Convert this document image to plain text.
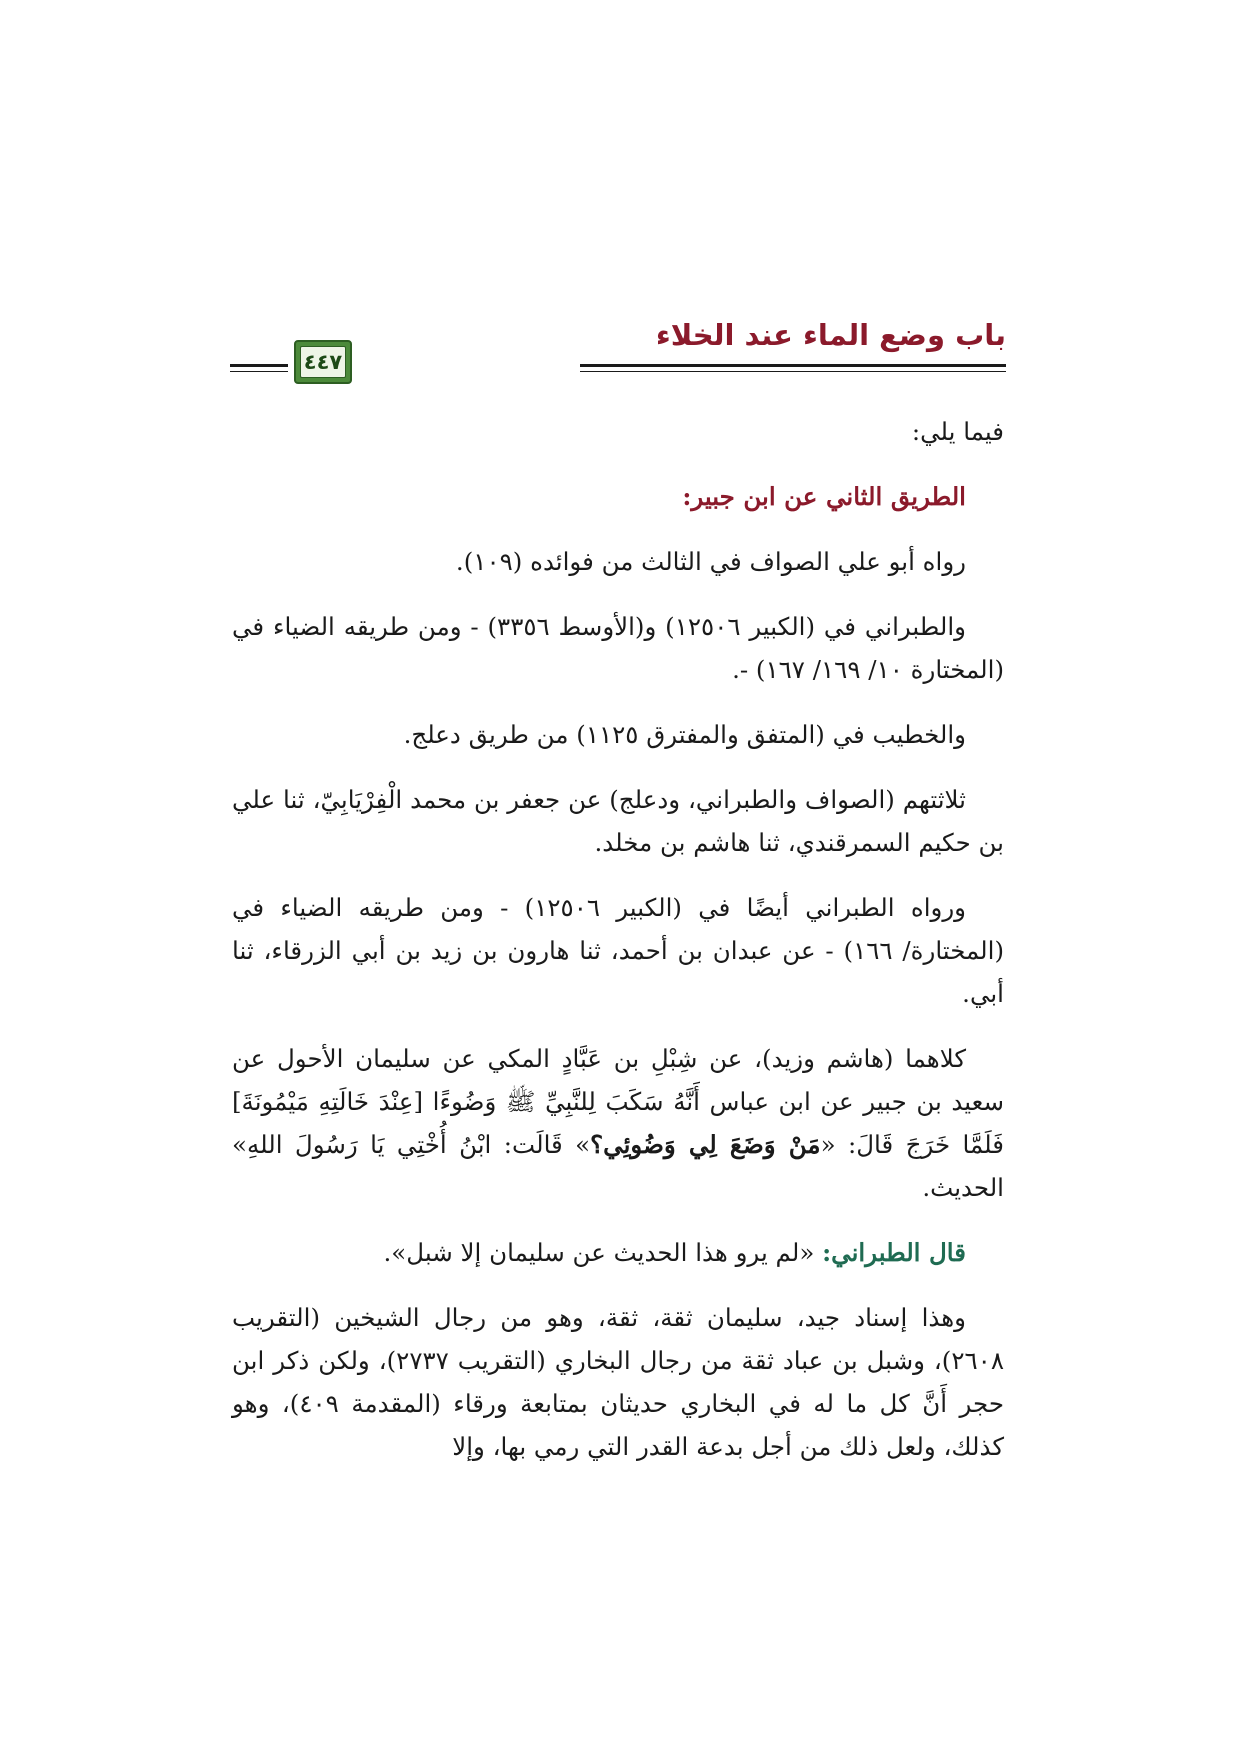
باب وضع الماء عند الخلاء
٤٤٧

فيما يلي:

الطريق الثاني عن ابن جبير:

رواه أبو علي الصواف في الثالث من فوائده (١٠٩).

والطبراني في (الكبير ١٢٥٠٦) و(الأوسط ٣٣٥٦) - ومن طريقه الضياء في (المختارة ١٠/ ١٦٩/ ١٦٧) -.

والخطيب في (المتفق والمفترق ١١٢٥) من طريق دعلج.

ثلاثتهم (الصواف والطبراني، ودعلج) عن جعفر بن محمد الْفِرْيَابِيّ، ثنا علي بن حكيم السمرقندي، ثنا هاشم بن مخلد.

ورواه الطبراني أيضًا في (الكبير ١٢٥٠٦) - ومن طريقه الضياء في (المختارة/ ١٦٦) - عن عبدان بن أحمد، ثنا هارون بن زيد بن أبي الزرقاء، ثنا أبي.

كلاهما (هاشم وزيد)، عن شِبْلِ بن عَبَّادٍ المكي عن سليمان الأحول عن سعيد بن جبير عن ابن عباس أَنَّهُ سَكَبَ لِلنَّبِيِّ ﷺ وَضُوءًا [عِنْدَ خَالَتِهِ مَيْمُونَةَ] فَلَمَّا خَرَجَ قَالَ: «مَنْ وَضَعَ لِي وَضُوئِي؟» قَالَت: ابْنُ أُخْتِي يَا رَسُولَ اللهِ» الحديث.

قال الطبراني: «لم يرو هذا الحديث عن سليمان إلا شبل».

وهذا إسناد جيد، سليمان ثقة، ثقة، وهو من رجال الشيخين (التقريب ٢٦٠٨)، وشبل بن عباد ثقة من رجال البخاري (التقريب ٢٧٣٧)، ولكن ذكر ابن حجر أَنَّ كل ما له في البخاري حديثان بمتابعة ورقاء (المقدمة ٤٠٩)، وهو كذلك، ولعل ذلك من أجل بدعة القدر التي رمي بها، وإلا
